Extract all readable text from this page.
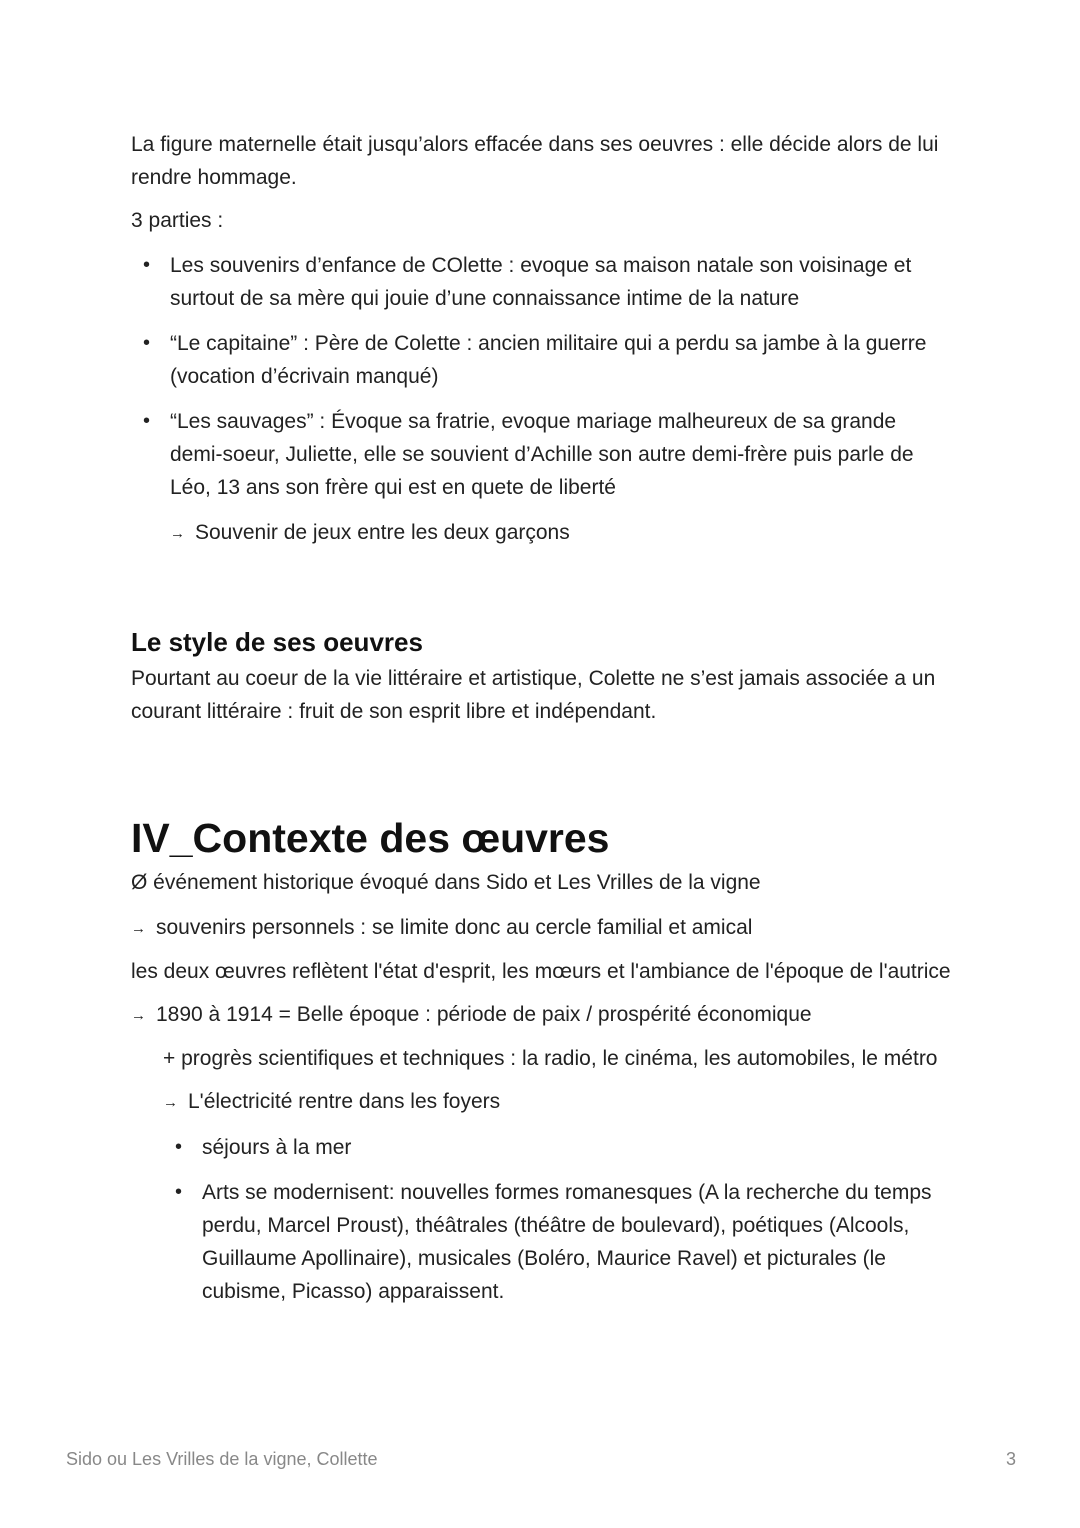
La figure maternelle était jusqu’alors effacée dans ses oeuvres : elle décide alors de lui rendre hommage.

3 parties :

• Les souvenirs d’enfance de COlette : evoque sa maison natale son voisinage et surtout de sa mère qui jouie d’une connaissance intime de la nature
• “Le capitaine” : Père de Colette : ancien militaire qui a perdu sa jambe à la guerre (vocation d’écrivain manqué)
• “Les sauvages” : Évoque sa fratrie, evoque mariage malheureux de sa grande demi-soeur, Juliette, elle se souvient d’Achille son autre demi-frère puis parle de Léo, 13 ans son frère qui est en quete de liberté
→ Souvenir de jeux entre les deux garçons
Le style de ses oeuvres

Pourtant au coeur de la vie littéraire et artistique, Colette ne s’est jamais associée a un courant littéraire : fruit de son esprit libre et indépendant.

IV_Contexte des œuvres

Ø événement historique évoqué dans Sido et Les Vrilles de la vigne

→ souvenirs personnels : se limite donc au cercle familial et amical

les deux œuvres reflètent l'état d'esprit, les mœurs et l'ambiance de l'époque de l'autrice

→ 1890 à 1914 = Belle époque : période de paix / prospérité économique

+ progrès scientifiques et techniques : la radio, le cinéma, les automobiles, le métro

→ L'électricité rentre dans les foyers
• séjours à la mer
• Arts se modernisent: nouvelles formes romanesques (A la recherche du temps perdu, Marcel Proust), théâtrales (théâtre de boulevard), poétiques (Alcools, Guillaume Apollinaire), musicales (Boléro, Maurice Ravel) et picturales (le cubisme, Picasso) apparaissent.
Sido ou Les Vrilles de la vigne, Collette	3
